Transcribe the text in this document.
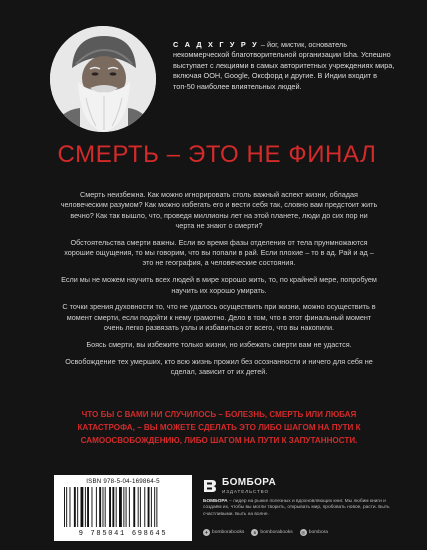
С А Д Х Г У Р У – йог, мистик, основатель некоммерческой благотворительной организации Isha. Успешно выступает с лекциями в самых авторитетных учреждениях мира, включая ООН, Google, Оксфорд и другие. В Индии входит в топ-50 наиболее влиятельных людей.
СМЕРТЬ – ЭТО НЕ ФИНАЛ

Смерть неизбежна. Как можно игнорировать столь важный аспект жизни, обладая человеческим разумом? Как можно избегать его и вести себя так, словно вам предстоит жить вечно? Как так вышло, что, проведя миллионы лет на этой планете, люди до сих пор ни черта не знают о смерти?

Обстоятельства смерти важны. Если во время фазы отделения от тела прунмножаются хорошие ощущения, то мы говорим, что вы попали в рай. Если плохие – то в ад. Рай и ад – это не география, а человеческие состояния.

Если мы не можем научить всех людей в мире хорошо жить, то, по крайней мере, попробуем научить их хорошо умирать.

С точки зрения духовности то, что не удалось осуществить при жизни, можно осуществить в момент смерти, если подойти к нему грамотно. Дело в том, что в этот финальный момент очень легко развязать узлы и избавиться от всего, что вы накопили.

Боясь смерти, вы избежите только жизни, но избежать смерти вам не удастся.

Освобождение тех умерших, кто всю жизнь прожил без осознанности и ничего для себя не сделал, зависит от их детей.

ЧТО БЫ С ВАМИ НИ СЛУЧИЛОСЬ – БОЛЕЗНЬ, СМЕРТЬ ИЛИ ЛЮБАЯ КАТАСТРОФА, – ВЫ МОЖЕТЕ СДЕЛАТЬ ЭТО ЛИБО ШАГОМ НА ПУТИ К САМООСВОБОЖДЕНИЮ, ЛИБО ШАГОМ НА ПУТИ К ЗАПУТАННОСТИ.
ISBN 978-5-04-169864-5
9 785041 698645
БОМБОРА
ИЗДАТЕЛЬСТВО
БОМБОРА – лидер на рынке полезных и вдохновляющих книг. Мы любим книги и создаём их, чтобы вы могли творить, открывать мир, пробовать новое, расти. Быть счастливыми. Быть на волне.
✈ bomborabooks	в bomborabooks	◎ bombora
